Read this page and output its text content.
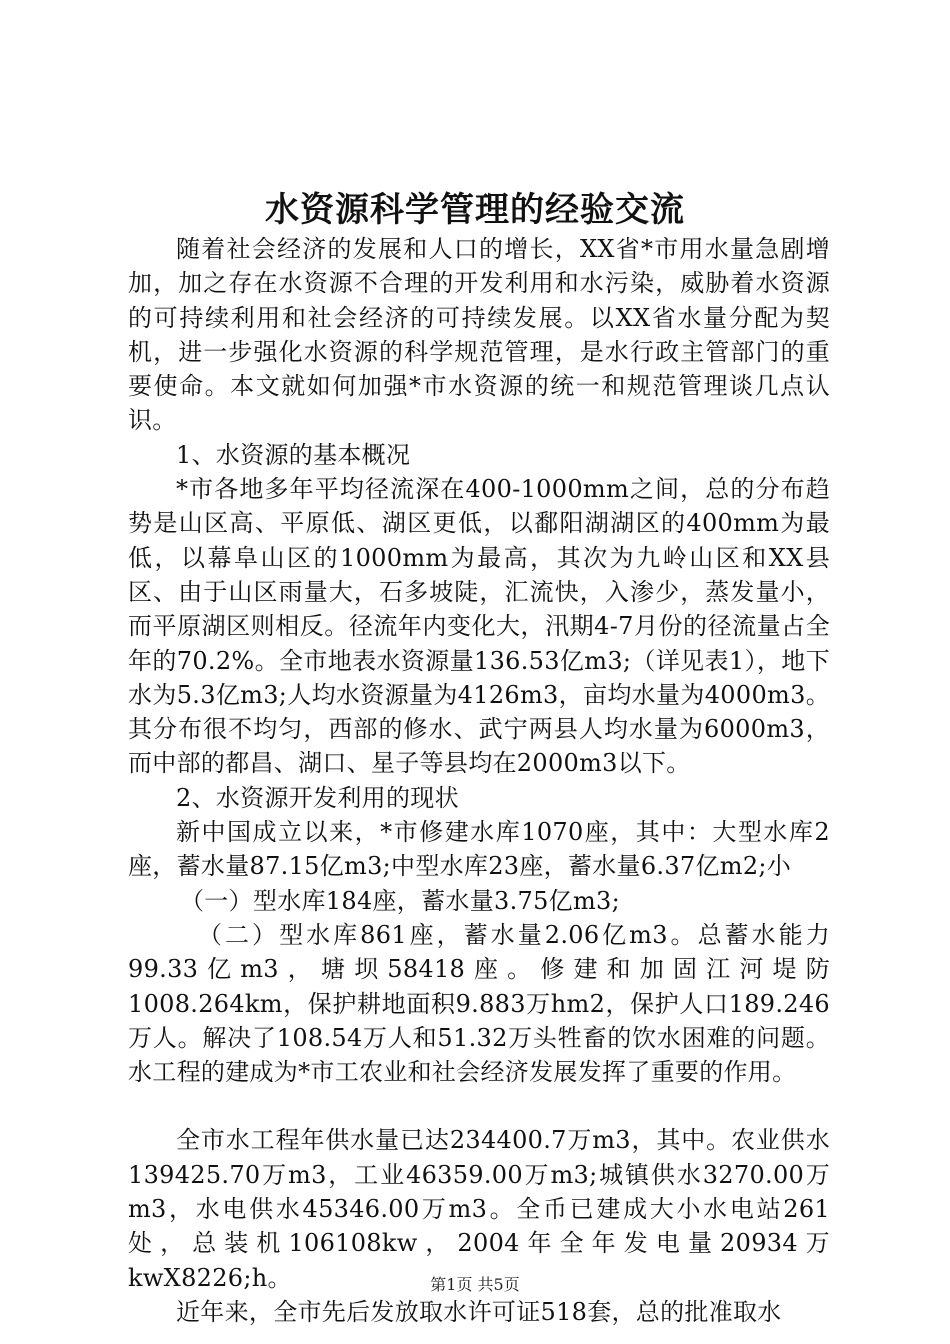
水资源科学管理的经验交流

随着社会经济的发展和人口的增长，XX省*市用水量急剧增加，加之存在水资源不合理的开发利用和水污染，威胁着水资源的可持续利用和社会经济的可持续发展。以XX省水量分配为契机，进一步强化水资源的科学规范管理，是水行政主管部门的重要使命。本文就如何加强*市水资源的统一和规范管理谈几点认识。

1、水资源的基本概况

*市各地多年平均径流深在400-1000mm之间，总的分布趋势是山区高、平原低、湖区更低，以鄱阳湖湖区的400mm为最低，以幕阜山区的1000mm为最高，其次为九岭山区和XX县区、由于山区雨量大，石多坡陡，汇流快，入渗少，蒸发量小，而平原湖区则相反。径流年内变化大，汛期4-7月份的径流量占全年的70.2%。全市地表水资源量136.53亿m3;（详见表1），地下水为5.3亿m3;人均水资源量为4126m3，亩均水量为4000m3。其分布很不均匀，西部的修水、武宁两县人均水量为6000m3，而中部的都昌、湖口、星子等县均在2000m3以下。

2、水资源开发利用的现状

新中国成立以来，*市修建水库1070座，其中：大型水库2座，蓄水量87.15亿m3;中型水库23座，蓄水量6.37亿m2;小

（一）型水库184座，蓄水量3.75亿m3;

（二）型水库861座，蓄水量2.06亿m3。总蓄水能力99.33亿m3，塘坝58418座。修建和加固江河堤防1008.264km，保护耕地面积9.883万hm2，保护人口189.246万人。解决了108.54万人和51.32万头牲畜的饮水困难的问题。水工程的建成为*市工农业和社会经济发展发挥了重要的作用。

全市水工程年供水量已达234400.7万m3，其中。农业供水139425.70万m3，工业46359.00万m3;城镇供水3270.00万m3，水电供水45346.00万m3。全币已建成大小水电站261处，总装机106108kw，2004年全年发电量20934万kwX8226;h。

近年来，全市先后发放取水许可证518套，总的批准取水

第1页 共5页
